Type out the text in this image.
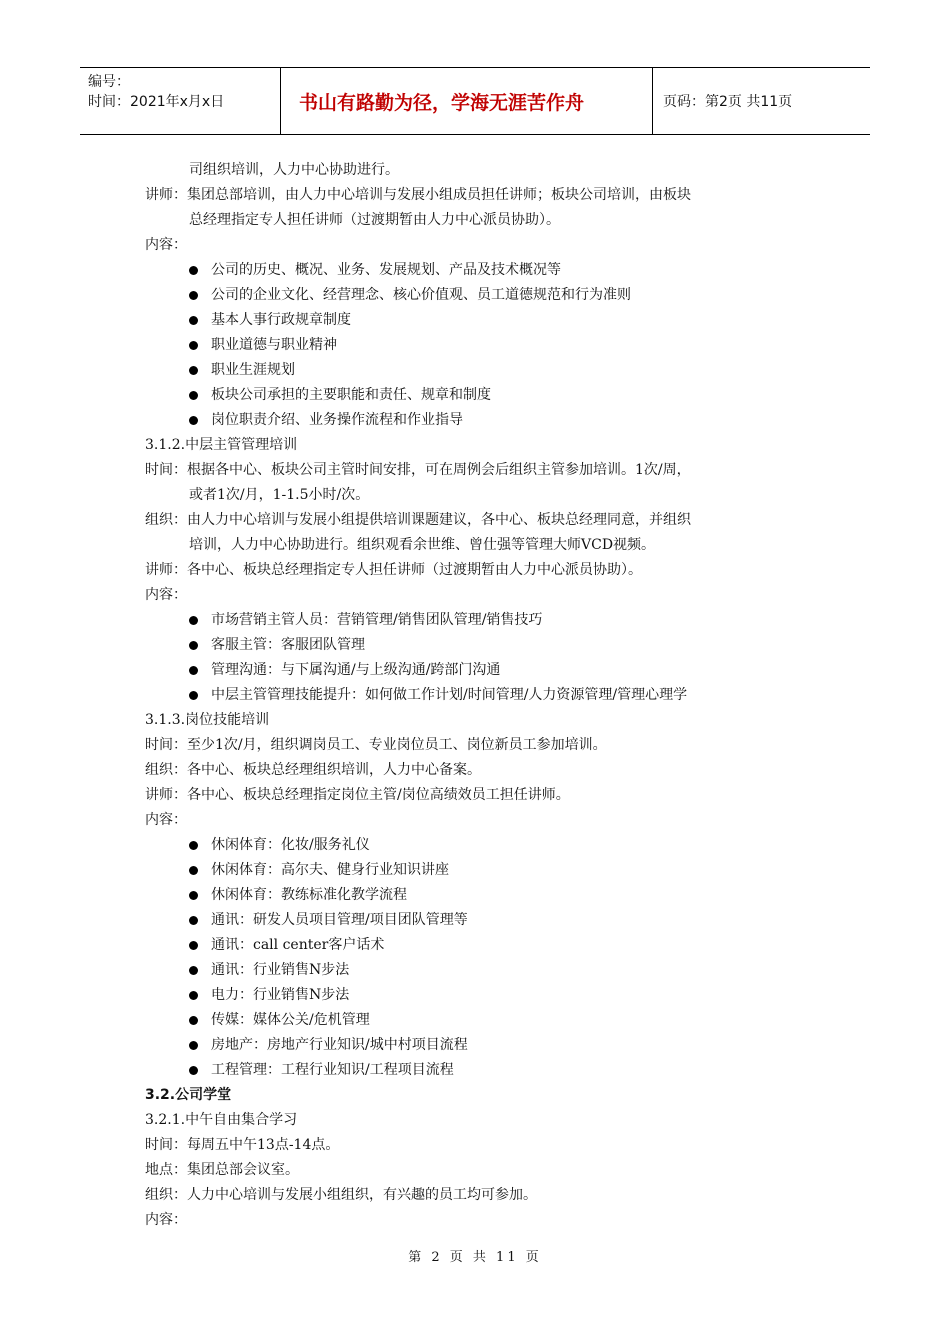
编号：
时间：2021年x月x日	书山有路勤为径，学海无涯苦作舟	页码：第2页 共11页
司组织培训，人力中心协助进行。
讲师：集团总部培训，由人力中心培训与发展小组成员担任讲师；板块公司培训，由板块
总经理指定专人担任讲师（过渡期暂由人力中心派员协助）。
内容：
公司的历史、概况、业务、发展规划、产品及技术概况等
公司的企业文化、经营理念、核心价值观、员工道德规范和行为准则
基本人事行政规章制度
职业道德与职业精神
职业生涯规划
板块公司承担的主要职能和责任、规章和制度
岗位职责介绍、业务操作流程和作业指导
3.1.2.中层主管管理培训
时间：根据各中心、板块公司主管时间安排，可在周例会后组织主管参加培训。1次/周，
或者1次/月，1-1.5小时/次。
组织：由人力中心培训与发展小组提供培训课题建议，各中心、板块总经理同意，并组织
培训，人力中心协助进行。组织观看余世维、曾仕强等管理大师VCD视频。
讲师：各中心、板块总经理指定专人担任讲师（过渡期暂由人力中心派员协助）。
内容：
市场营销主管人员：营销管理/销售团队管理/销售技巧
客服主管：客服团队管理
管理沟通：与下属沟通/与上级沟通/跨部门沟通
中层主管管理技能提升：如何做工作计划/时间管理/人力资源管理/管理心理学
3.1.3.岗位技能培训
时间：至少1次/月，组织调岗员工、专业岗位员工、岗位新员工参加培训。
组织：各中心、板块总经理组织培训，人力中心备案。
讲师：各中心、板块总经理指定岗位主管/岗位高绩效员工担任讲师。
内容：
休闲体育：化妆/服务礼仪
休闲体育：高尔夫、健身行业知识讲座
休闲体育：教练标准化教学流程
通讯：研发人员项目管理/项目团队管理等
通讯：call center客户话术
通讯：行业销售N步法
电力：行业销售N步法
传媒：媒体公关/危机管理
房地产：房地产行业知识/城中村项目流程
工程管理：工程行业知识/工程项目流程
3.2.公司学堂
3.2.1.中午自由集合学习
时间：每周五中午13点-14点。
地点：集团总部会议室。
组织：人力中心培训与发展小组组织，有兴趣的员工均可参加。
内容：
第 2 页 共 11 页
